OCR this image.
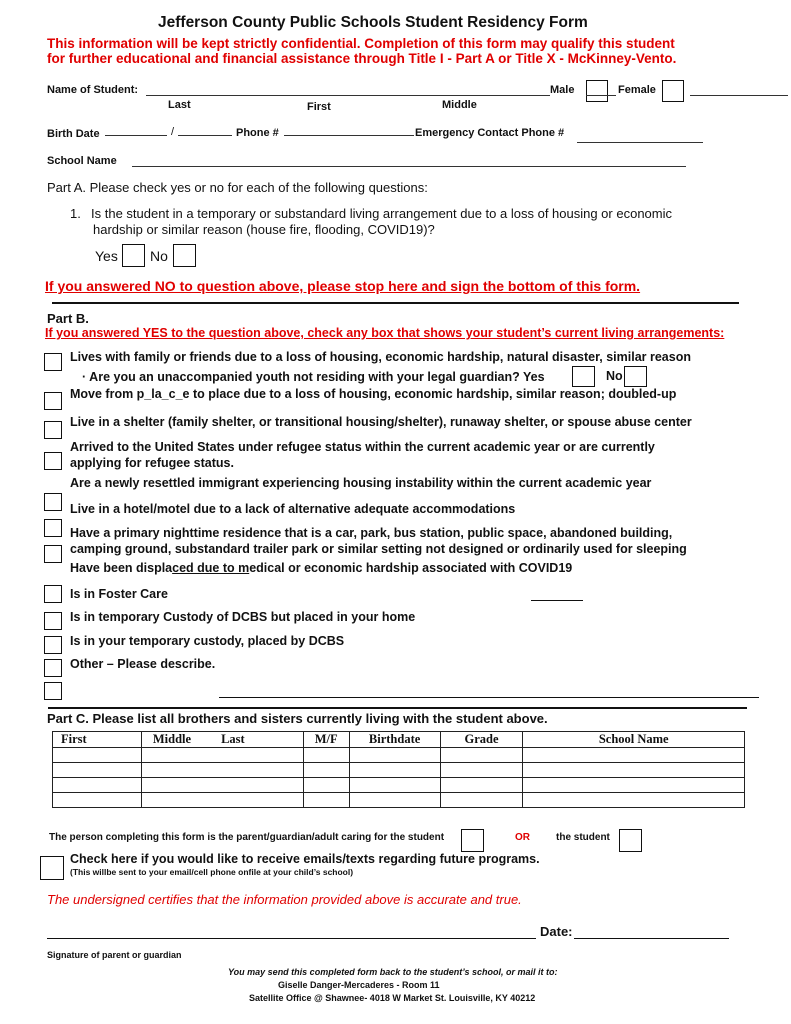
Jefferson County Public Schools Student Residency Form
This information will be kept strictly confidential. Completion of this form may qualify this student
for further educational and financial assistance through Title I - Part A or Title X - McKinney-Vento.
Name of Student:	Male	Female
Last	First	Middle
Birth Date	/	Phone #	Emergency Contact Phone #
School Name
Part A. Please check yes or no for each of the following questions:
1. Is the student in a temporary or substandard living arrangement due to a loss of housing or economic
hardship or similar reason (house fire, flooding, COVID19)?
Yes No
If you answered NO to question above, please stop here and sign the bottom of this form.
Part B.
If you answered YES to the question above, check any box that shows your student’s current living arrangements:
Lives with family or friends due to a loss of housing, economic hardship, natural disaster, similar reason
· Are you an unaccompanied youth not residing with your legal guardian? Yes	No
Move from p_la_c_e to place due to a loss of housing, economic hardship, similar reason; doubled-up
Live in a shelter (family shelter, or transitional housing/shelter), runaway shelter, or spouse abuse center
Arrived to the United States under refugee status within the current academic year or are currently
applying for refugee status.
Are a newly resettled immigrant experiencing housing instability within the current academic year
Live in a hotel/motel due to a lack of alternative adequate accommodations
Have a primary nighttime residence that is a car, park, bus station, public space, abandoned building,
camping ground, substandard trailer park or similar setting not designed or ordinarily used for sleeping
Have been displaced due to medical or economic hardship associated with COVID19
Is in Foster Care
Is in temporary Custody of DCBS but placed in your home
Is in your temporary custody, placed by DCBS
Other – Please describe.
Part C. Please list all brothers and sisters currently living with the student above.
First	Middle Last	M/F	Birthdate	Grade	School Name

The person completing this form is the parent/guardian/adult caring for the student	OR	the student
Check here if you would like to receive emails/texts regarding future programs.
(This willbe sent to your email/cell phone onfile at your child’s school)
The undersigned certifies that the information provided above is accurate and true.
Date:
Signature of parent or guardian
You may send this completed form back to the student’s school, or mail it to:
Giselle Danger-Mercaderes - Room 11
Satellite Office @ Shawnee- 4018 W Market St. Louisville, KY 40212
